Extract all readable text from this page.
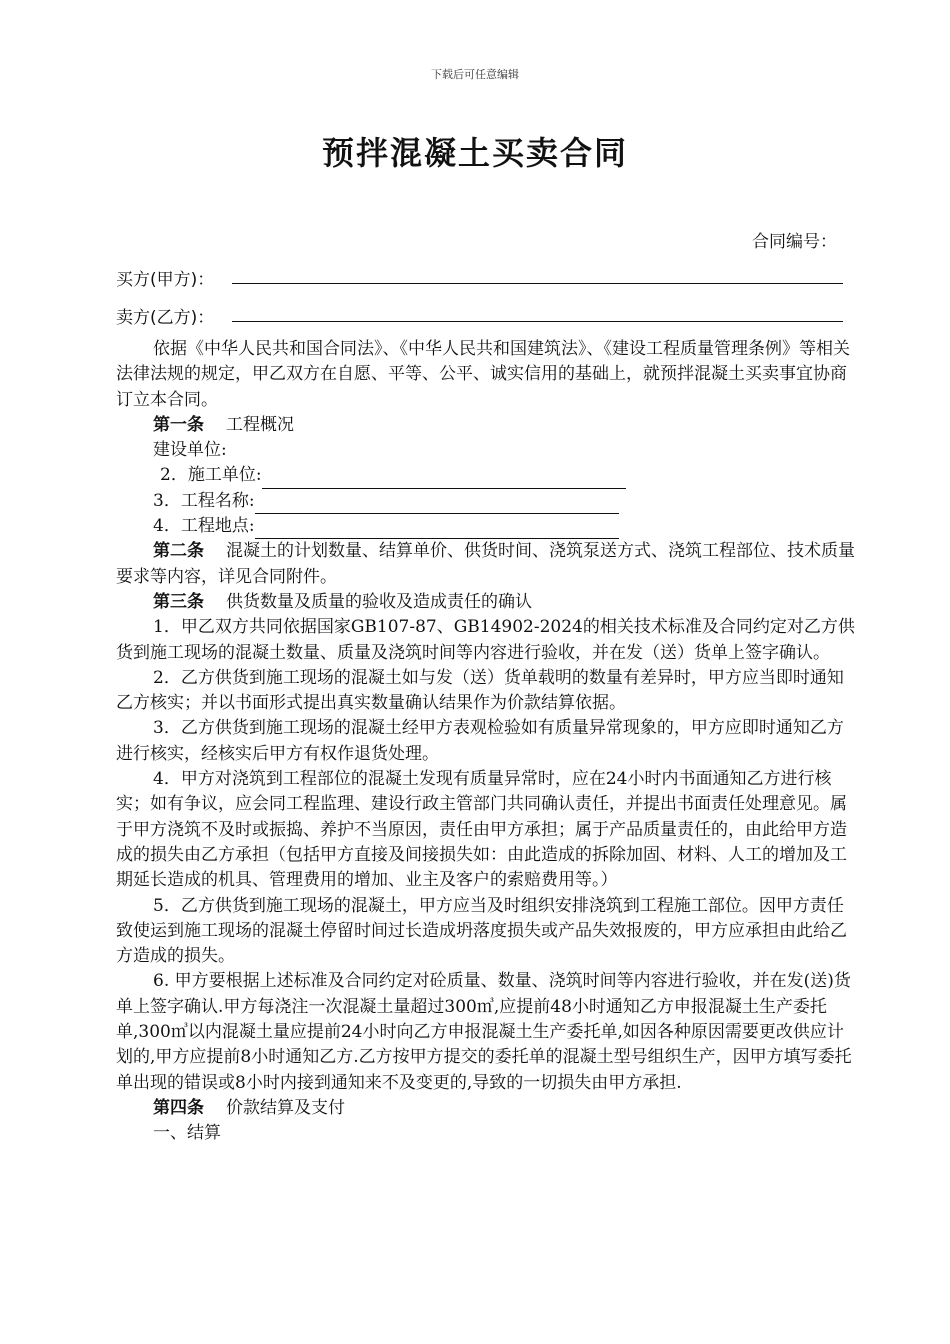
下载后可任意编辑
预拌混凝土买卖合同
合同编号：
买方(甲方)：
卖方(乙方)：

依据《中华人民共和国合同法》、《中华人民共和国建筑法》、《建设工程质量管理条例》等相关法律法规的规定，甲乙双方在自愿、平等、公平、诚实信用的基础上，就预拌混凝土买卖事宜协商订立本合同。

第一条 工程概况

建设单位:

2．施工单位:

3．工程名称:

4．工程地点:

第二条 混凝土的计划数量、结算单价、供货时间、浇筑泵送方式、浇筑工程部位、技术质量要求等内容，详见合同附件。

第三条 供货数量及质量的验收及造成责任的确认

1．甲乙双方共同依据国家GB107-87、GB14902-2024的相关技术标准及合同约定对乙方供货到施工现场的混凝土数量、质量及浇筑时间等内容进行验收，并在发（送）货单上签字确认。

2．乙方供货到施工现场的混凝土如与发（送）货单载明的数量有差异时，甲方应当即时通知乙方核实；并以书面形式提出真实数量确认结果作为价款结算依据。

3．乙方供货到施工现场的混凝土经甲方表观检验如有质量异常现象的，甲方应即时通知乙方进行核实，经核实后甲方有权作退货处理。

4．甲方对浇筑到工程部位的混凝土发现有质量异常时，应在24小时内书面通知乙方进行核实；如有争议，应会同工程监理、建设行政主管部门共同确认责任，并提出书面责任处理意见。属于甲方浇筑不及时或振捣、养护不当原因，责任由甲方承担；属于产品质量责任的，由此给甲方造成的损失由乙方承担（包括甲方直接及间接损失如：由此造成的拆除加固、材料、人工的增加及工期延长造成的机具、管理费用的增加、业主及客户的索赔费用等。）

5．乙方供货到施工现场的混凝土，甲方应当及时组织安排浇筑到工程施工部位。因甲方责任致使运到施工现场的混凝土停留时间过长造成坍落度损失或产品失效报废的，甲方应承担由此给乙方造成的损失。

6. 甲方要根据上述标准及合同约定对砼质量、数量、浇筑时间等内容进行验收，并在发(送)货单上签字确认.甲方每浇注一次混凝土量超过300㎥,应提前48小时通知乙方申报混凝土生产委托单,300㎥以内混凝土量应提前24小时向乙方申报混凝土生产委托单,如因各种原因需要更改供应计划的,甲方应提前8小时通知乙方.乙方按甲方提交的委托单的混凝土型号组织生产，因甲方填写委托单出现的错误或8小时内接到通知来不及变更的,导致的一切损失由甲方承担.

第四条 价款结算及支付

一、结算
